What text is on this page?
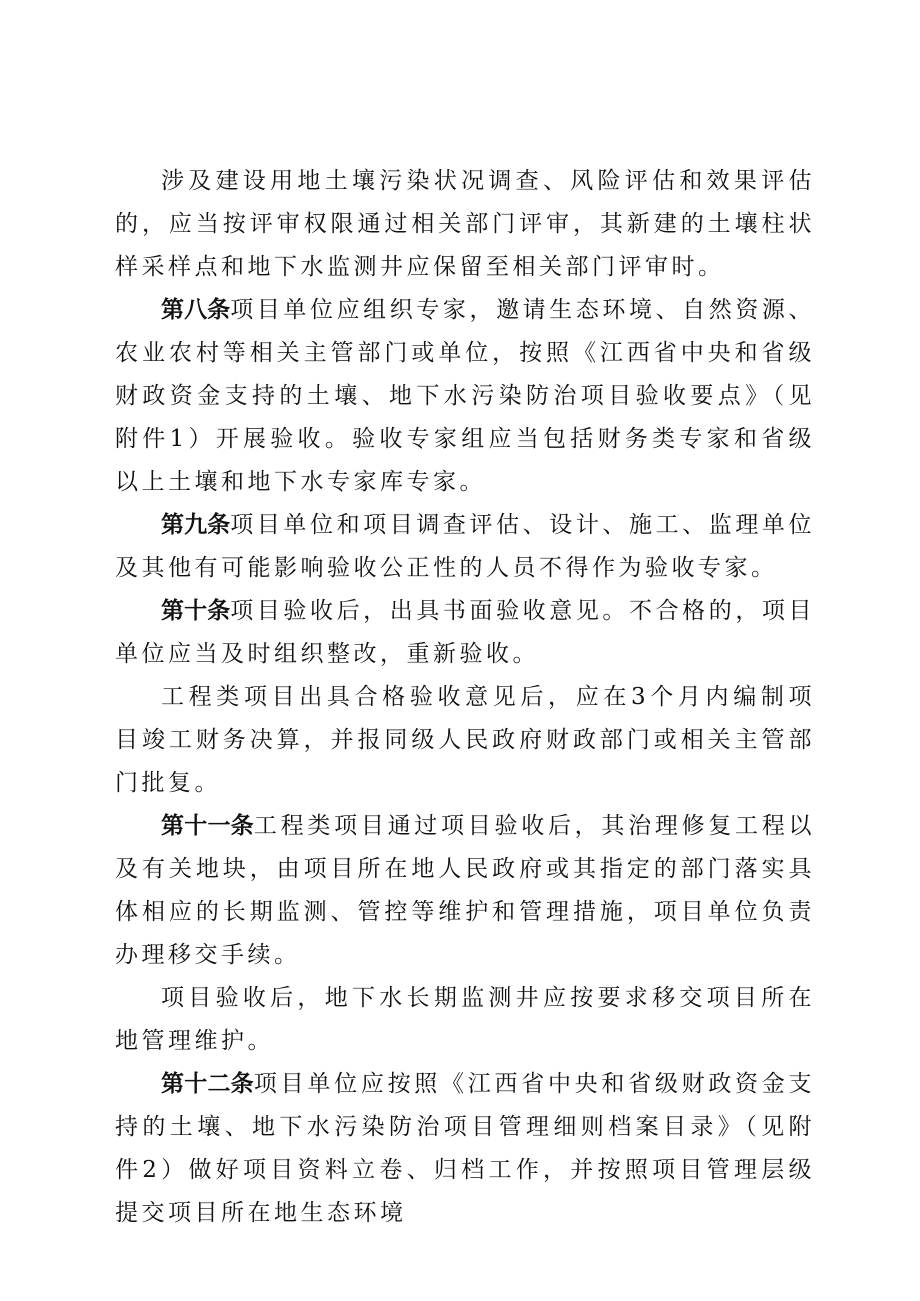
涉及建设用地土壤污染状况调查、风险评估和效果评估的，应当按评审权限通过相关部门评审，其新建的土壤柱状样采样点和地下水监测井应保留至相关部门评审时。

第八条项目单位应组织专家，邀请生态环境、自然资源、农业农村等相关主管部门或单位，按照《江西省中央和省级财政资金支持的土壤、地下水污染防治项目验收要点》（见附件1）开展验收。验收专家组应当包括财务类专家和省级以上土壤和地下水专家库专家。

第九条项目单位和项目调查评估、设计、施工、监理单位及其他有可能影响验收公正性的人员不得作为验收专家。

第十条项目验收后，出具书面验收意见。不合格的，项目单位应当及时组织整改，重新验收。

工程类项目出具合格验收意见后，应在3个月内编制项目竣工财务决算，并报同级人民政府财政部门或相关主管部门批复。

第十一条工程类项目通过项目验收后，其治理修复工程以及有关地块，由项目所在地人民政府或其指定的部门落实具体相应的长期监测、管控等维护和管理措施，项目单位负责办理移交手续。

项目验收后，地下水长期监测井应按要求移交项目所在地管理维护。

第十二条项目单位应按照《江西省中央和省级财政资金支持的土壤、地下水污染防治项目管理细则档案目录》（见附件2）做好项目资料立卷、归档工作，并按照项目管理层级提交项目所在地生态环境
